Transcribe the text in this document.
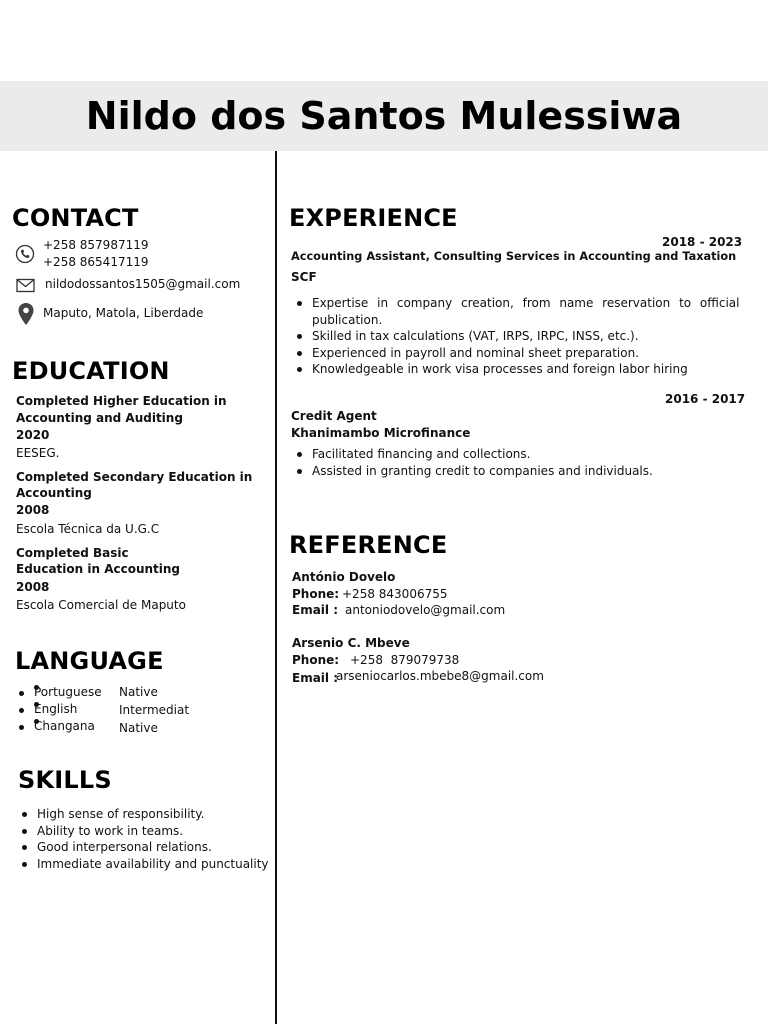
Nildo dos Santos Mulessiwa
CONTACT

+258 857987119

+258 865417119

nildodossantos1505@gmail.com

Maputo, Matola, Liberdade

EDUCATION

Completed Higher Education in

Accounting and Auditing

2020

EESEG.

Completed Secondary Education in

Accounting

2008

Escola Técnica da U.G.C

Completed Basic

Education in Accounting

2008

Escola Comercial de Maputo

LANGUAGE
Portuguese Native
English	Intermediat
Changana Native
SKILLS
High sense of responsibility.
Ability to work in teams.
Good interpersonal relations.
Immediate availability and punctuality
EXPERIENCE

2018 - 2023

Accounting Assistant, Consulting Services in Accounting and Taxation

SCF

Expertise in company creation, from name reservation to official
publication.
Skilled in tax calculations (VAT, IRPS, IRPC, INSS, etc.).
Experienced in payroll and nominal sheet preparation.
Knowledgeable in work visa processes and foreign labor hiring

2016 - 2017

Credit Agent

Khanimambo Microfinance

Facilitated financing and collections.
Assisted in granting credit to companies and individuals.
REFERENCE

António Dovelo

Phone: +258 843006755

Email : antoniodovelo@gmail.com

Arsenio C. Mbeve

Phone: +258  879079738

Email :

arseniocarlos.mbebe8@gmail.com
